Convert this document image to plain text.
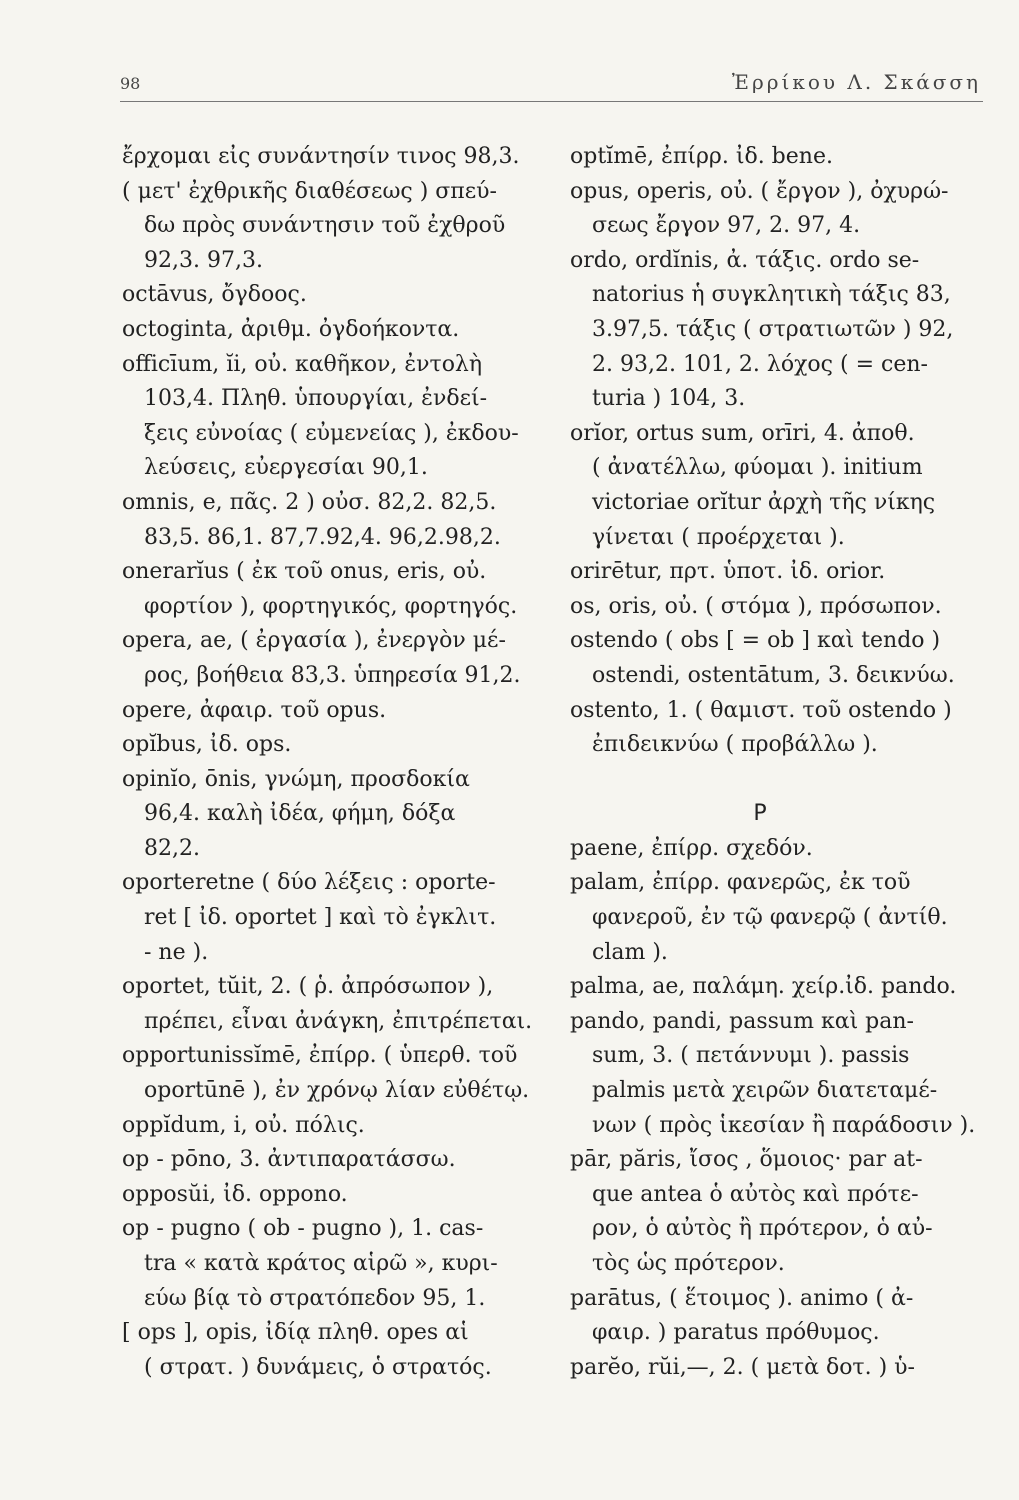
98	Ἐρρίκου Λ. Σκάσση
ἔρχομαι εἰς συνάντησίν τινος 98,3.
( μετ' ἐχθρικῆς διαθέσεως ) σπεύ-
δω πρὸς συνάντησιν τοῦ ἐχθροῦ
92,3. 97,3.
octāvus, ὄγδοος.
octoginta, ἀριθμ. ὀγδοήκοντα.
officīum, ĭi, οὐ. καθῆκον, ἐντολὴ
103,4. Πληθ. ὑπουργίαι, ἐνδεί-
ξεις εὐνοίας ( εὐμενείας ), ἐκδου-
λεύσεις, εὐεργεσίαι 90,1.
omnis, e, πᾶς. 2 ) οὐσ. 82,2. 82,5.
83,5. 86,1. 87,7.92,4. 96,2.98,2.
onerarĭus ( ἐκ τοῦ onus, eris, οὐ.
φορτίον ), φορτηγικός, φορτηγός.
opera, ae, ( ἐργασία ), ἐνεργὸν μέ-
ρος, βοήθεια 83,3. ὑπηρεσία 91,2.
opere, ἀφαιρ. τοῦ opus.
opĭbus, ἰδ. ops.
opinĭo, ōnis, γνώμη, προσδοκία
96,4. καλὴ ἰδέα, φήμη, δόξα
82,2.
oporteretne ( δύο λέξεις : oporte-
ret [ ἰδ. oportet ] καὶ τὸ ἐγκλιτ.
- ne ).
oportet, tŭit, 2. ( ῥ. ἀπρόσωπον ),
πρέπει, εἶναι ἀνάγκη, ἐπιτρέπεται.
opportunissĭmē, ἐπίρρ. ( ὑπερθ. τοῦ
oportūnē ), ἐν χρόνῳ λίαν εὐθέτῳ.
oppĭdum, i, οὐ. πόλις.
op - pōno, 3. ἀντιπαρατάσσω.
opposŭi, ἰδ. oppono.
op - pugno ( ob - pugno ), 1. cas-
tra « κατὰ κράτος αἱρῶ », κυρι-
εύω βίᾳ τὸ στρατόπεδον 95, 1.
[ ops ], opis, ἰδίᾳ πληθ. opes αἱ
( στρατ. ) δυνάμεις, ὁ στρατός.
optĭmē, ἐπίρρ. ἰδ. bene.
opus, operis, οὐ. ( ἔργον ), ὀχυρώ-
σεως ἔργον 97, 2. 97, 4.
ordo, ordĭnis, ἀ. τάξις. ordo se-
natorius ἡ συγκλητικὴ τάξις 83,
3.97,5. τάξις ( στρατιωτῶν ) 92,
2. 93,2. 101, 2. λόχος ( = cen-
turia ) 104, 3.
orĭor, ortus sum, orīri, 4. ἀποθ.
( ἀνατέλλω, φύομαι ). initium
victoriae orĭtur ἀρχὴ τῆς νίκης
γίνεται ( προέρχεται ).
orirētur, πρτ. ὑποτ. ἰδ. orior.
os, oris, οὐ. ( στόμα ), πρόσωπον.
ostendo ( obs [ = ob ] καὶ tendo )
ostendi, ostentātum, 3. δεικνύω.
ostento, 1. ( θαμιστ. τοῦ ostendo )
ἐπιδεικνύω ( προβάλλω ).
P
paene, ἐπίρρ. σχεδόν.
palam, ἐπίρρ. φανερῶς, ἐκ τοῦ
φανεροῦ, ἐν τῷ φανερῷ ( ἀντίθ.
clam ).
palma, ae, παλάμη. χείρ.ἰδ. pando.
pando, pandi, passum καὶ pan-
sum, 3. ( πετάννυμι ). passis
palmis μετὰ χειρῶν διατεταμέ-
νων ( πρὸς ἱκεσίαν ἢ παράδοσιν ).
pār, păris, ἴσος , ὅμοιος· par at-
que antea ὁ αὐτὸς καὶ πρότε-
ρον, ὁ αὐτὸς ἢ πρότερον, ὁ αὐ-
τὸς ὡς πρότερον.
parātus, ( ἕτοιμος ). animo ( ἀ-
φαιρ. ) paratus πρόθυμος.
parĕo, rŭi,—, 2. ( μετὰ δοτ. ) ὑ-
